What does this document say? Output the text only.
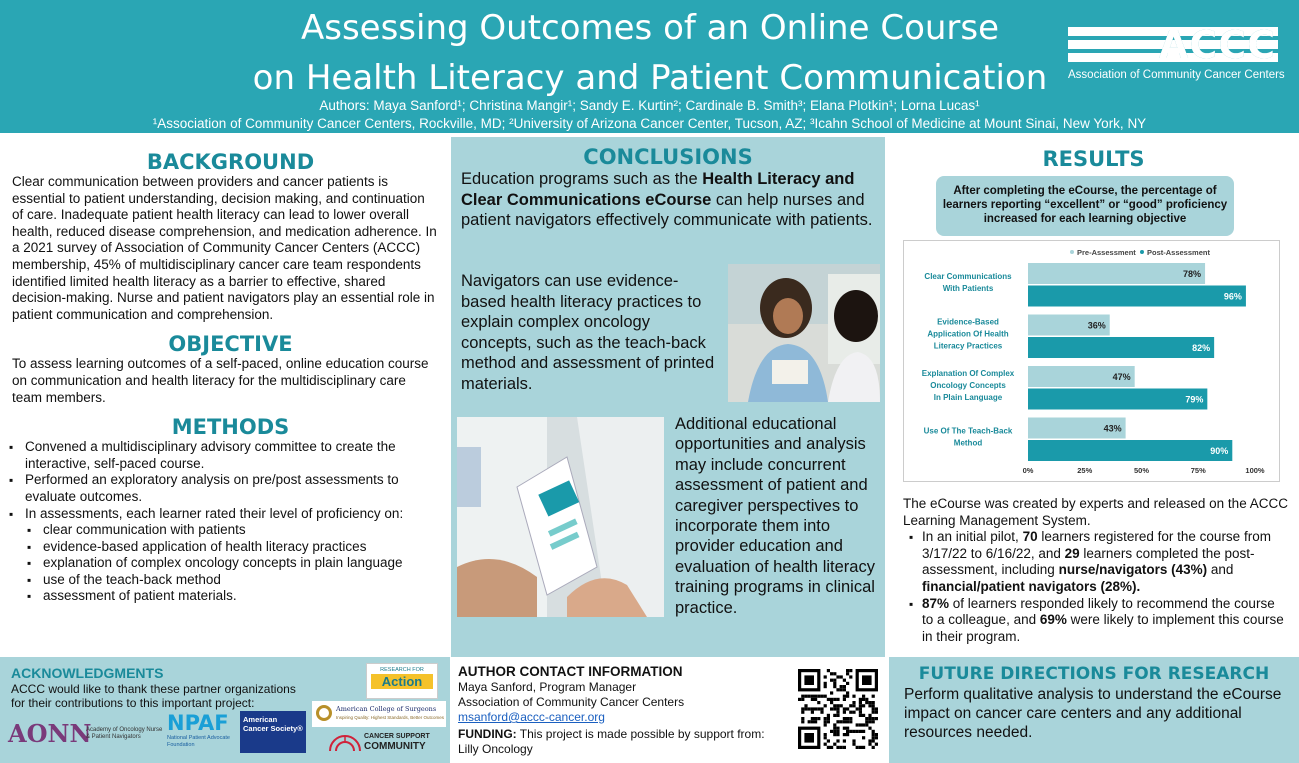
Assessing Outcomes of an Online Course
on Health Literacy and Patient Communication
Authors: Maya Sanford¹; Christina Mangir¹; Sandy E. Kurtin²; Cardinale B. Smith³; Elana Plotkin¹; Lorna Lucas¹
¹Association of Community Cancer Centers, Rockville, MD; ²University of Arizona Cancer Center, Tucson, AZ; ³Icahn School of Medicine at Mount Sinai, New York, NY
ACCC
Association of Community Cancer Centers
BACKGROUND
Clear communication between providers and cancer patients is essential to patient understanding, decision making, and continuation of care. Inadequate patient health literacy can lead to lower overall health, reduced disease comprehension, and medication adherence. In a 2021 survey of Association of Community Cancer Centers (ACCC) membership, 45% of multidisciplinary cancer care team respondents identified limited health literacy as a barrier to effective, shared decision-making. Nurse and patient navigators play an essential role in patient communication and comprehension.
OBJECTIVE
To assess learning outcomes of a self-paced, online education course on communication and health literacy for the multidisciplinary care team members.
METHODS
▪ Convened a multidisciplinary advisory committee to create the interactive, self-paced course.
▪ Performed an exploratory analysis on pre/post assessments to evaluate outcomes.
▪ In assessments, each learner rated their level of proficiency on:
▪ clear communication with patients
▪ evidence-based application of health literacy practices
▪ explanation of complex oncology concepts in plain language
▪ use of the teach-back method
▪ assessment of patient materials.
CONCLUSIONS

Education programs such as the Health Literacy and Clear Communications eCourse can help nurses and patient navigators effectively communicate with patients.

Navigators can use evidence-based health literacy practices to explain complex oncology concepts, such as the teach-back method and assessment of printed materials.

Additional educational opportunities and analysis may include concurrent assessment of patient and caregiver perspectives to incorporate them into provider education and evaluation of health literacy training programs in clinical practice.

RESULTS
After completing the eCourse, the percentage of learners reporting “excellent” or “good” proficiency increased for each learning objective
Pre-Assessment Post-Assessment
78%
96%
Clear Communications
With Patients
36%
82%
Evidence-Based
Application Of Health
Literacy Practices
47%
79%
Explanation Of Complex
Oncology Concepts
In Plain Language
43%
90%
Use Of The Teach-Back
Method
0%	25%	50%	75%	100%
The eCourse was created by experts and released on the ACCC Learning Management System.
▪ In an initial pilot, 70 learners registered for the course from 3/17/22 to 6/16/22, and 29 learners completed the post-assessment, including nurse/navigators (43%) and financial/patient navigators (28%).
▪ 87% of learners responded likely to recommend the course to a colleague, and 69% were likely to implement this course in their program.
ACKNOWLEDGMENTS
ACCC would like to thank these partner organizations for their contributions to this important project:
AONN
Academy of Oncology Nurse & Patient Navigators
NPAF
National Patient Advocate Foundation
American Cancer Society®
RESEARCH FOR
Action
American College of Surgeons
Inspiring Quality: Highest Standards, Better Outcomes
CANCER SUPPORT
COMMUNITY
AUTHOR CONTACT INFORMATION
Maya Sanford, Program Manager
Association of Community Cancer Centers
msanford@accc-cancer.org
FUNDING: This project is made possible by support from:
Lilly Oncology
FUTURE DIRECTIONS FOR RESEARCH
Perform qualitative analysis to understand the eCourse impact on cancer care centers and any additional resources needed.
